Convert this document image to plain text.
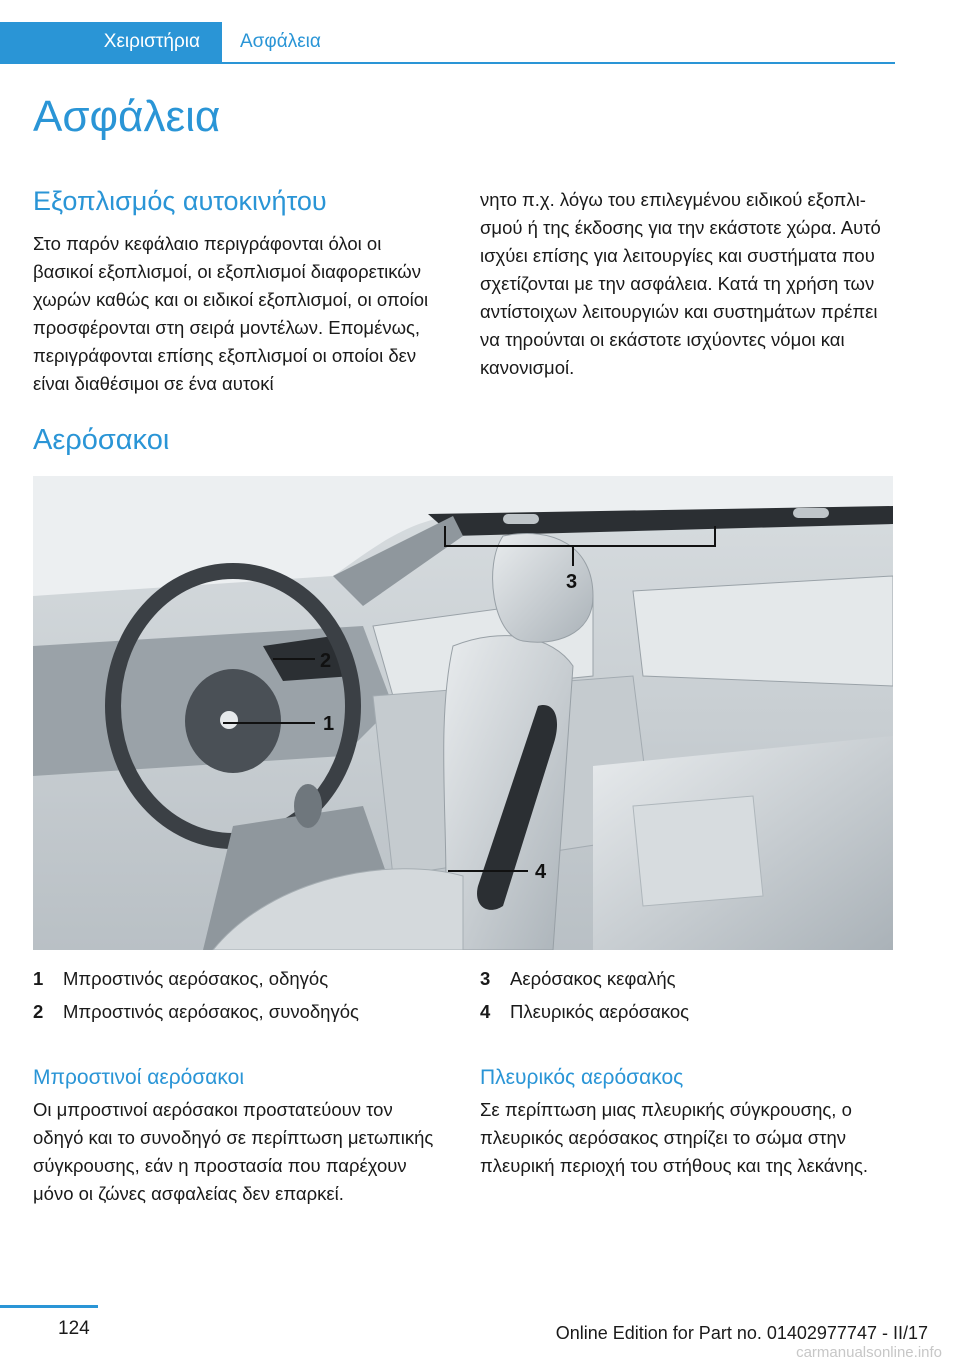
Χειριστήρια	Ασφάλεια
Ασφάλεια
Εξοπλισμός αυτοκινήτου

Στο παρόν κεφάλαιο περιγράφονται όλοι οι βασικοί εξοπλισμοί, οι εξοπλισμοί διαφορετικών χωρών καθώς και οι ειδικοί εξοπλισμοί, οι οποίοι προσφέρονται στη σειρά μοντέλων. Επομένως, περιγράφονται επίσης εξοπλισμοί οι οποίοι δεν είναι διαθέσιμοι σε ένα αυτοκί

νητο π.χ. λόγω του επιλεγμένου ειδικού εξοπλισμού ή της έκδοσης για την εκάστοτε χώρα. Αυτό ισχύει επίσης για λειτουργίες και συστήματα που σχετίζονται με την ασφάλεια. Κατά τη χρήση των αντίστοιχων λειτουργιών και συστημάτων πρέπει να τηρούνται οι εκάστοτε ισχύοντες νόμοι και κανονισμοί.

Αερόσακοι
1
2
3
4
1	Μπροστινός αερόσακος, οδηγός
2	Μπροστινός αερόσακος, συνοδηγός
3	Αερόσακος κεφαλής
4	Πλευρικός αερόσακος
Μπροστινοί αερόσακοι

Οι μπροστινοί αερόσακοι προστατεύουν τον οδηγό και το συνοδηγό σε περίπτωση μετωπικής σύγκρουσης, εάν η προστασία που παρέχουν μόνο οι ζώνες ασφαλείας δεν επαρκεί.

Πλευρικός αερόσακος

Σε περίπτωση μιας πλευρικής σύγκρουσης, ο πλευρικός αερόσακος στηρίζει το σώμα στην πλευρική περιοχή του στήθους και της λεκάνης.

124	Online Edition for Part no. 01402977747 - II/17
carmanualsonline.info
